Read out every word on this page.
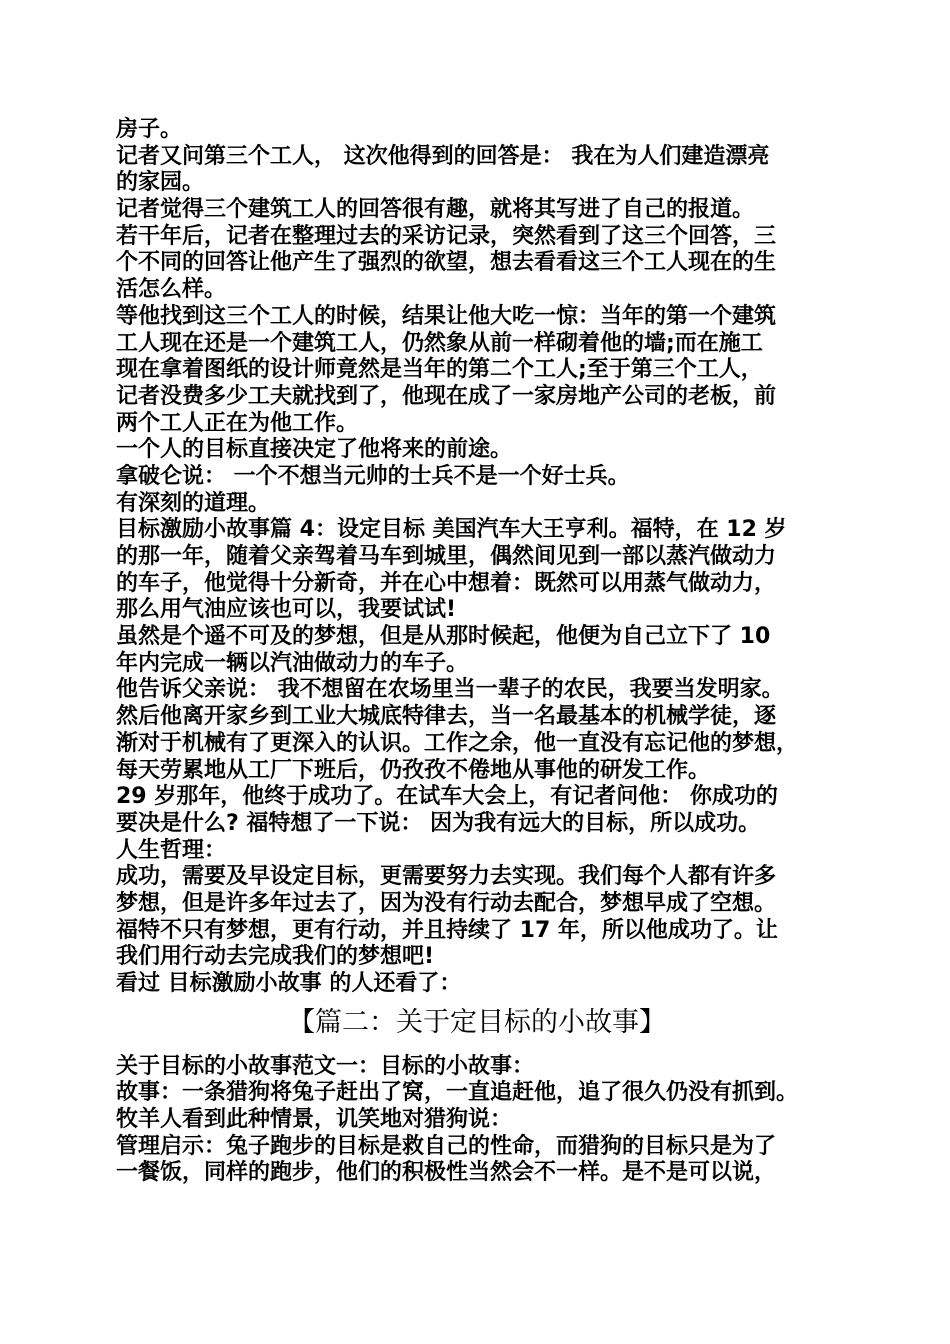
房子。
记者又问第三个工人， 这次他得到的回答是： 我在为人们建造漂亮
的家园。
记者觉得三个建筑工人的回答很有趣，就将其写进了自己的报道。
若干年后，记者在整理过去的采访记录，突然看到了这三个回答，三
个不同的回答让他产生了强烈的欲望，想去看看这三个工人现在的生
活怎么样。
等他找到这三个工人的时候，结果让他大吃一惊：当年的第一个建筑
工人现在还是一个建筑工人，仍然象从前一样砌着他的墙;而在施工
现在拿着图纸的设计师竟然是当年的第二个工人;至于第三个工人，
记者没费多少工夫就找到了，他现在成了一家房地产公司的老板，前
两个工人正在为他工作。
一个人的目标直接决定了他将来的前途。
拿破仑说： 一个不想当元帅的士兵不是一个好士兵。
有深刻的道理。
目标激励小故事篇 4：设定目标 美国汽车大王亨利。福特，在 12 岁
的那一年，随着父亲驾着马车到城里，偶然间见到一部以蒸汽做动力
的车子，他觉得十分新奇，并在心中想着：既然可以用蒸气做动力，
那么用气油应该也可以，我要试试!
虽然是个遥不可及的梦想，但是从那时候起，他便为自己立下了 10
年内完成一辆以汽油做动力的车子。
他告诉父亲说： 我不想留在农场里当一辈子的农民，我要当发明家。
然后他离开家乡到工业大城底特律去，当一名最基本的机械学徒，逐
渐对于机械有了更深入的认识。工作之余，他一直没有忘记他的梦想，
每天劳累地从工厂下班后，仍孜孜不倦地从事他的研发工作。
29 岁那年，他终于成功了。在试车大会上，有记者问他： 你成功的
要决是什么? 福特想了一下说： 因为我有远大的目标，所以成功。
人生哲理：
成功，需要及早设定目标，更需要努力去实现。我们每个人都有许多
梦想，但是许多年过去了，因为没有行动去配合，梦想早成了空想。
福特不只有梦想，更有行动，并且持续了 17 年，所以他成功了。让
我们用行动去完成我们的梦想吧!
看过 目标激励小故事 的人还看了：
【篇二：关于定目标的小故事】
关于目标的小故事范文一：目标的小故事：
故事：一条猎狗将兔子赶出了窝，一直追赶他，追了很久仍没有抓到。
牧羊人看到此种情景，讥笑地对猎狗说：
管理启示：兔子跑步的目标是救自己的性命，而猎狗的目标只是为了
一餐饭，同样的跑步，他们的积极性当然会不一样。是不是可以说，
